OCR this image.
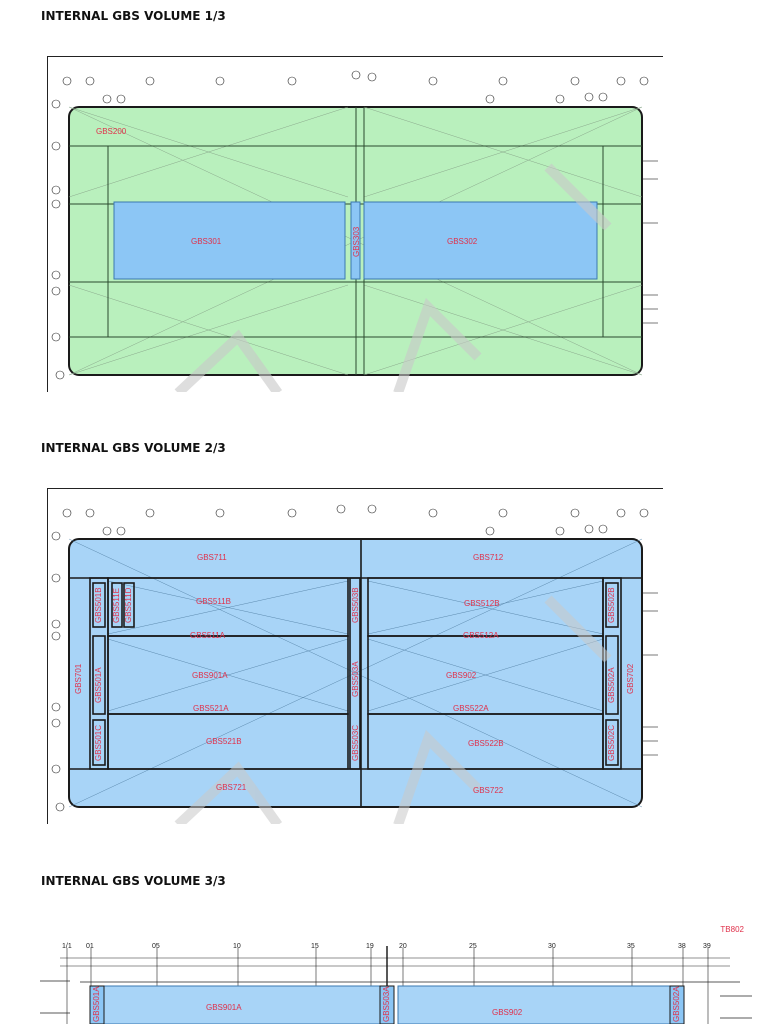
INTERNAL GBS VOLUME 1/3
INTERNAL GBS VOLUME 2/3
INTERNAL GBS VOLUME 3/3
GBS200
GBS301	GBS303	GBS302
GBS711	GBS712
GBS501B GBS511E GBS511D	GBS511B	GBS503B	GBS512B	GBS502B
GBS511A	GBS512A
GBS701 GBS501A	GBS901A	GBS503A	GBS902	GBS502A GBS702
GBS521A	GBS522A
GBS501C	GBS521B	GBS503C	GBS522B	GBS502C
GBS721	GBS722
TB802
1/1 01	05	10	15	19	20	25	30	35	38 39
GBS501A	GBS901A	GBS503A	GBS902	GBS502A
